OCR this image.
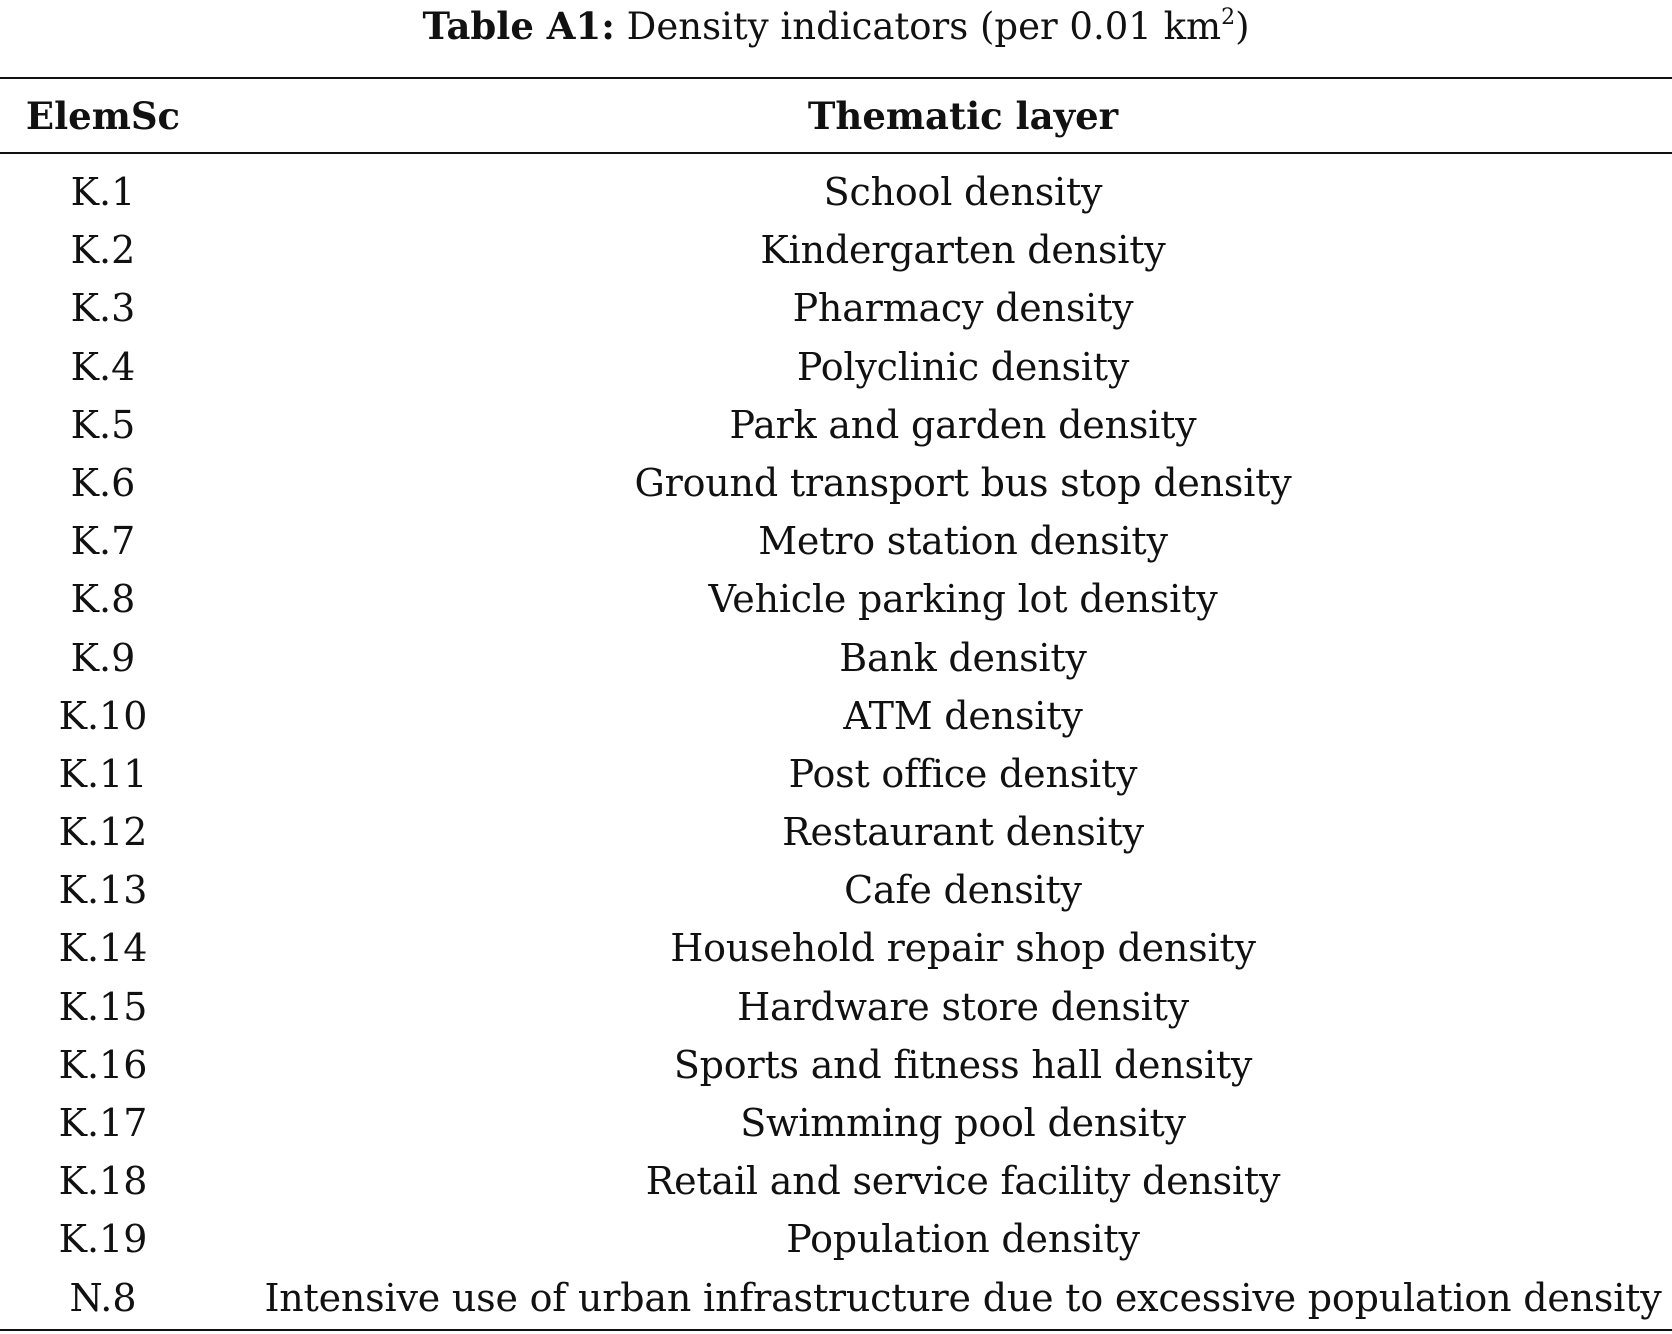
Table A1: Density indicators (per 0.01 $km^2$)
ElemSc	Thematic layer
K.1	School density
K.2	Kindergarten density
K.3	Pharmacy density
K.4	Polyclinic density
K.5	Park and garden density
K.6	Ground transport bus stop density
K.7	Metro station density
K.8	Vehicle parking lot density
K.9	Bank density
K.10	ATM density
K.11	Post office density
K.12	Restaurant density
K.13	Cafe density
K.14	Household repair shop density
K.15	Hardware store density
K.16	Sports and fitness hall density
K.17	Swimming pool density
K.18	Retail and service facility density
K.19	Population density
N.8	Intensive use of urban infrastructure due to excessive population density
